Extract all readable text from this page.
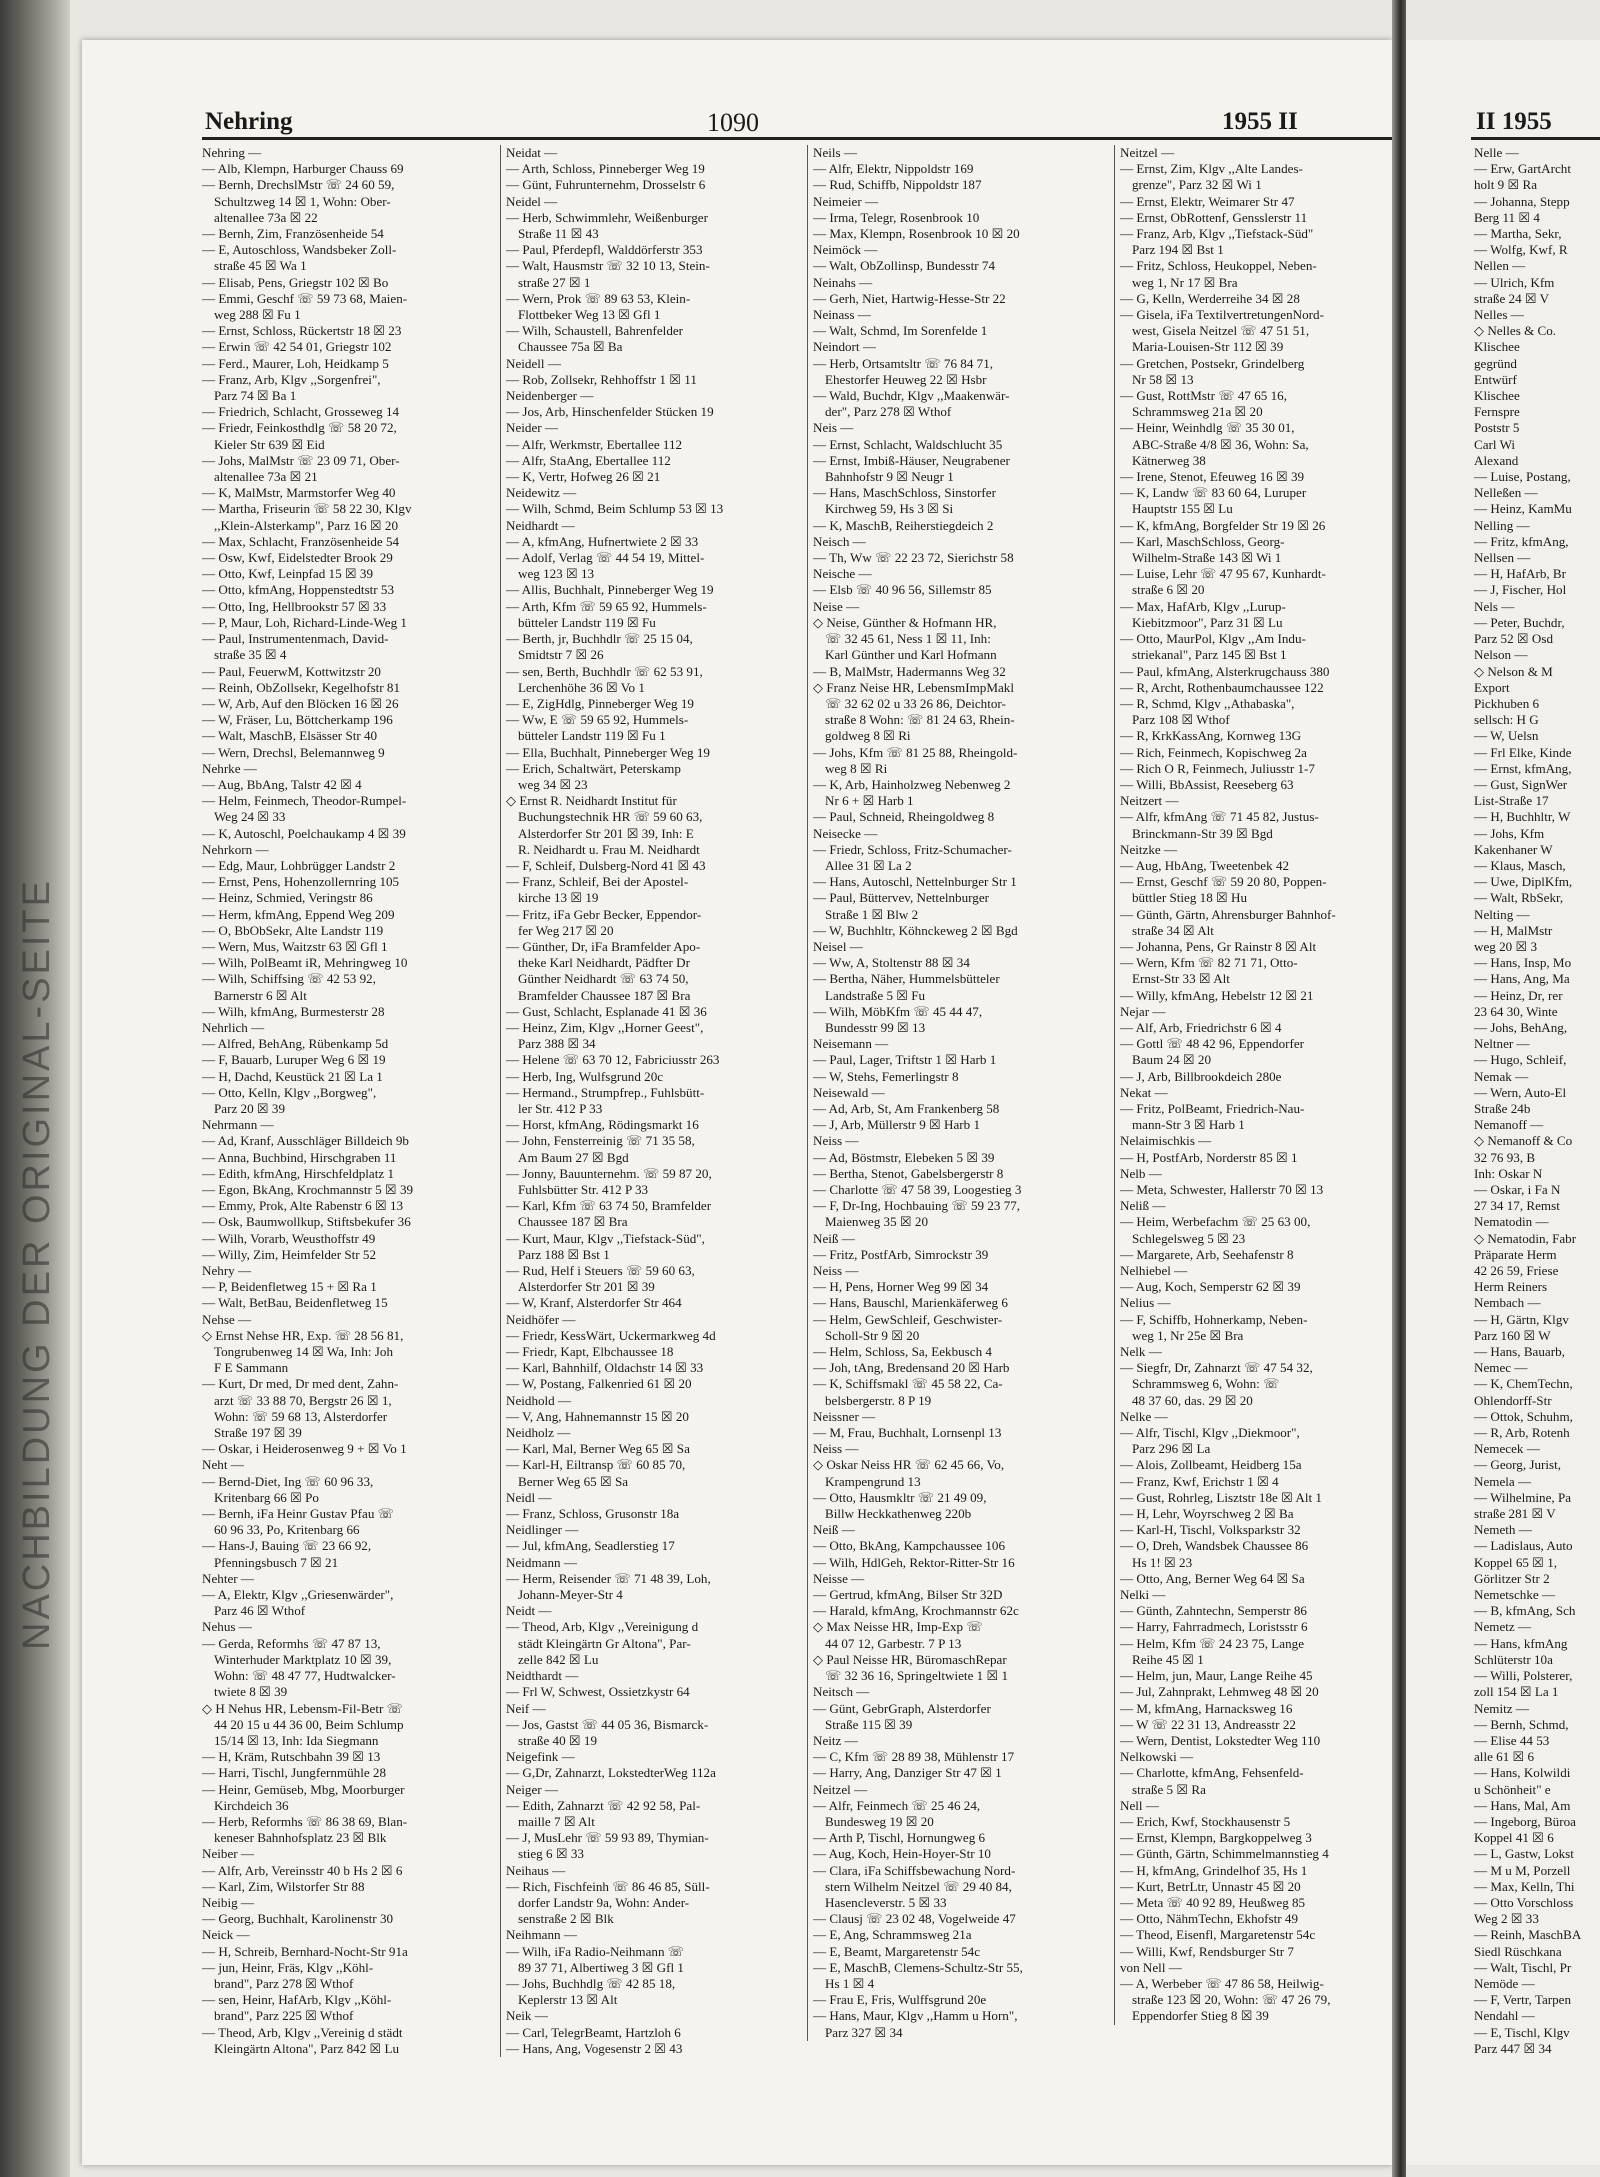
NACHBILDUNG DER ORIGINAL-SEITE
Nehring	1090	1955 II
Nehring —
— Alb, Klempn, Harburger Chauss 69
— Bernh, DrechslMstr ☏ 24 60 59,
Schultzweg 14 ☒ 1, Wohn: Ober-
altenallee 73a ☒ 22
— Bernh, Zim, Französenheide 54
— E, Autoschloss, Wandsbeker Zoll-
straße 45 ☒ Wa 1
— Elisab, Pens, Griegstr 102 ☒ Bo
— Emmi, Geschf ☏ 59 73 68, Maien-
weg 288 ☒ Fu 1
— Ernst, Schloss, Rückertstr 18 ☒ 23
— Erwin ☏ 42 54 01, Griegstr 102
— Ferd., Maurer, Loh, Heidkamp 5
— Franz, Arb, Klgv ,,Sorgenfrei",
Parz 74 ☒ Ba 1
— Friedrich, Schlacht, Grosseweg 14
— Friedr, Feinkosthdlg ☏ 58 20 72,
Kieler Str 639 ☒ Eid
— Johs, MalMstr ☏ 23 09 71, Ober-
altenallee 73a ☒ 21
— K, MalMstr, Marmstorfer Weg 40
— Martha, Friseurin ☏ 58 22 30, Klgv
,,Klein-Alsterkamp", Parz 16 ☒ 20
— Max, Schlacht, Französenheide 54
— Osw, Kwf, Eidelstedter Brook 29
— Otto, Kwf, Leinpfad 15 ☒ 39
— Otto, kfmAng, Hoppenstedtstr 53
— Otto, Ing, Hellbrookstr 57 ☒ 33
— P, Maur, Loh, Richard-Linde-Weg 1
— Paul, Instrumentenmach, David-
straße 35 ☒ 4
— Paul, FeuerwM, Kottwitzstr 20
— Reinh, ObZollsekr, Kegelhofstr 81
— W, Arb, Auf den Blöcken 16 ☒ 26
— W, Fräser, Lu, Böttcherkamp 196
— Walt, MaschB, Elsässer Str 40
— Wern, Drechsl, Belemannweg 9
Nehrke —
— Aug, BbAng, Talstr 42 ☒ 4
— Helm, Feinmech, Theodor-Rumpel-
Weg 24 ☒ 33
— K, Autoschl, Poelchaukamp 4 ☒ 39
Nehrkorn —
— Edg, Maur, Lohbrügger Landstr 2
— Ernst, Pens, Hohenzollernring 105
— Heinz, Schmied, Veringstr 86
— Herm, kfmAng, Eppend Weg 209
— O, BbObSekr, Alte Landstr 119
— Wern, Mus, Waitzstr 63 ☒ Gfl 1
— Wilh, PolBeamt iR, Mehringweg 10
— Wilh, Schiffsing ☏ 42 53 92,
Barnerstr 6 ☒ Alt
— Wilh, kfmAng, Burmesterstr 28
Nehrlich —
— Alfred, BehAng, Rübenkamp 5d
— F, Bauarb, Luruper Weg 6 ☒ 19
— H, Dachd, Keustück 21 ☒ La 1
— Otto, Kelln, Klgv ,,Borgweg",
Parz 20 ☒ 39
Nehrmann —
— Ad, Kranf, Ausschläger Billdeich 9b
— Anna, Buchbind, Hirschgraben 11
— Edith, kfmAng, Hirschfeldplatz 1
— Egon, BkAng, Krochmannstr 5 ☒ 39
— Emmy, Prok, Alte Rabenstr 6 ☒ 13
— Osk, Baumwollkup, Stiftsbekufer 36
— Wilh, Vorarb, Weusthoffstr 49
— Willy, Zim, Heimfelder Str 52
Nehry —
— P, Beidenfletweg 15 + ☒ Ra 1
— Walt, BetBau, Beidenfletweg 15
Nehse —
◇ Ernst Nehse HR, Exp. ☏ 28 56 81,
Tongrubenweg 14 ☒ Wa, Inh: Joh
F E Sammann
— Kurt, Dr med, Dr med dent, Zahn-
arzt ☏ 33 88 70, Bergstr 26 ☒ 1,
Wohn: ☏ 59 68 13, Alsterdorfer
Straße 197 ☒ 39
— Oskar, i Heiderosenweg 9 + ☒ Vo 1
Neht —
— Bernd-Diet, Ing ☏ 60 96 33,
Kritenbarg 66 ☒ Po
— Bernh, iFa Heinr Gustav Pfau ☏
60 96 33, Po, Kritenbarg 66
— Hans-J, Bauing ☏ 23 66 92,
Pfenningsbusch 7 ☒ 21
Nehter —
— A, Elektr, Klgv ,,Griesenwärder",
Parz 46 ☒ Wthof
Nehus —
— Gerda, Reformhs ☏ 47 87 13,
Winterhuder Marktplatz 10 ☒ 39,
Wohn: ☏ 48 47 77, Hudtwalcker-
twiete 8 ☒ 39
◇ H Nehus HR, Lebensm-Fil-Betr ☏
44 20 15 u 44 36 00, Beim Schlump
15/14 ☒ 13, Inh: Ida Siegmann
— H, Kräm, Rutschbahn 39 ☒ 13
— Harri, Tischl, Jungfernmühle 28
— Heinr, Gemüseb, Mbg, Moorburger
Kirchdeich 36
— Herb, Reformhs ☏ 86 38 69, Blan-
keneser Bahnhofsplatz 23 ☒ Blk
Neiber —
— Alfr, Arb, Vereinsstr 40 b Hs 2 ☒ 6
— Karl, Zim, Wilstorfer Str 88
Neibig —
— Georg, Buchhalt, Karolinenstr 30
Neick —
— H, Schreib, Bernhard-Nocht-Str 91a
— jun, Heinr, Fräs, Klgv ,,Köhl-
brand", Parz 278 ☒ Wthof
— sen, Heinr, HafArb, Klgv ,,Köhl-
brand", Parz 225 ☒ Wthof
— Theod, Arb, Klgv ,,Vereinig d städt
Kleingärtn Altona", Parz 842 ☒ Lu
Neidat —
— Arth, Schloss, Pinneberger Weg 19
— Günt, Fuhrunternehm, Drosselstr 6
Neidel —
— Herb, Schwimmlehr, Weißenburger
Straße 11 ☒ 43
— Paul, Pferdepfl, Walddörferstr 353
— Walt, Hausmstr ☏ 32 10 13, Stein-
straße 27 ☒ 1
— Wern, Prok ☏ 89 63 53, Klein-
Flottbeker Weg 13 ☒ Gfl 1
— Wilh, Schaustell, Bahrenfelder
Chaussee 75a ☒ Ba
Neidell —
— Rob, Zollsekr, Rehhoffstr 1 ☒ 11
Neidenberger —
— Jos, Arb, Hinschenfelder Stücken 19
Neider —
— Alfr, Werkmstr, Ebertallee 112
— Alfr, StaAng, Ebertallee 112
— K, Vertr, Hofweg 26 ☒ 21
Neidewitz —
— Wilh, Schmd, Beim Schlump 53 ☒ 13
Neidhardt —
— A, kfmAng, Hufnertwiete 2 ☒ 33
— Adolf, Verlag ☏ 44 54 19, Mittel-
weg 123 ☒ 13
— Allis, Buchhalt, Pinneberger Weg 19
— Arth, Kfm ☏ 59 65 92, Hummels-
bütteler Landstr 119 ☒ Fu
— Berth, jr, Buchhdlr ☏ 25 15 04,
Smidtstr 7 ☒ 26
— sen, Berth, Buchhdlr ☏ 62 53 91,
Lerchenhöhe 36 ☒ Vo 1
— E, ZigHdlg, Pinneberger Weg 19
— Ww, E ☏ 59 65 92, Hummels-
bütteler Landstr 119 ☒ Fu 1
— Ella, Buchhalt, Pinneberger Weg 19
— Erich, Schaltwärt, Peterskamp
weg 34 ☒ 23
◇ Ernst R. Neidhardt Institut für
Buchungstechnik HR ☏ 59 60 63,
Alsterdorfer Str 201 ☒ 39, Inh: E
R. Neidhardt u. Frau M. Neidhardt
— F, Schleif, Dulsberg-Nord 41 ☒ 43
— Franz, Schleif, Bei der Apostel-
kirche 13 ☒ 19
— Fritz, iFa Gebr Becker, Eppendor-
fer Weg 217 ☒ 20
— Günther, Dr, iFa Bramfelder Apo-
theke Karl Neidhardt, Pädfter Dr
Günther Neidhardt ☏ 63 74 50,
Bramfelder Chaussee 187 ☒ Bra
— Gust, Schlacht, Esplanade 41 ☒ 36
— Heinz, Zim, Klgv ,,Horner Geest",
Parz 388 ☒ 34
— Helene ☏ 63 70 12, Fabriciusstr 263
— Herb, Ing, Wulfsgrund 20c
— Hermand., Strumpfrep., Fuhlsbütt-
ler Str. 412 P 33
— Horst, kfmAng, Rödingsmarkt 16
— John, Fensterreinig ☏ 71 35 58,
Am Baum 27 ☒ Bgd
— Jonny, Bauunternehm. ☏ 59 87 20,
Fuhlsbütter Str. 412 P 33
— Karl, Kfm ☏ 63 74 50, Bramfelder
Chaussee 187 ☒ Bra
— Kurt, Maur, Klgv ,,Tiefstack-Süd",
Parz 188 ☒ Bst 1
— Rud, Helf i Steuers ☏ 59 60 63,
Alsterdorfer Str 201 ☒ 39
— W, Kranf, Alsterdorfer Str 464
Neidhöfer —
— Friedr, KessWärt, Uckermarkweg 4d
— Friedr, Kapt, Elbchaussee 18
— Karl, Bahnhilf, Oldachstr 14 ☒ 33
— W, Postang, Falkenried 61 ☒ 20
Neidhold —
— V, Ang, Hahnemannstr 15 ☒ 20
Neidholz —
— Karl, Mal, Berner Weg 65 ☒ Sa
— Karl-H, Eiltransp ☏ 60 85 70,
Berner Weg 65 ☒ Sa
Neidl —
— Franz, Schloss, Grusonstr 18a
Neidlinger —
— Jul, kfmAng, Seadlerstieg 17
Neidmann —
— Herm, Reisender ☏ 71 48 39, Loh,
Johann-Meyer-Str 4
Neidt —
— Theod, Arb, Klgv ,,Vereinigung d
städt Kleingärtn Gr Altona", Par-
zelle 842 ☒ Lu
Neidthardt —
— Frl W, Schwest, Ossietzkystr 64
Neif —
— Jos, Gastst ☏ 44 05 36, Bismarck-
straße 40 ☒ 19
Neigefink —
— G,Dr, Zahnarzt, LokstedterWeg 112a
Neiger —
— Edith, Zahnarzt ☏ 42 92 58, Pal-
maille 7 ☒ Alt
— J, MusLehr ☏ 59 93 89, Thymian-
stieg 6 ☒ 33
Neihaus —
— Rich, Fischfeinh ☏ 86 46 85, Süll-
dorfer Landstr 9a, Wohn: Ander-
senstraße 2 ☒ Blk
Neihmann —
— Wilh, iFa Radio-Neihmann ☏
89 37 71, Albertiweg 3 ☒ Gfl 1
— Johs, Buchhdlg ☏ 42 85 18,
Keplerstr 13 ☒ Alt
Neik —
— Carl, TelegrBeamt, Hartzloh 6
— Hans, Ang, Vogesenstr 2 ☒ 43
Neils —
— Alfr, Elektr, Nippoldstr 169
— Rud, Schiffb, Nippoldstr 187
Neimeier —
— Irma, Telegr, Rosenbrook 10
— Max, Klempn, Rosenbrook 10 ☒ 20
Neimöck —
— Walt, ObZollinsp, Bundesstr 74
Neinahs —
— Gerh, Niet, Hartwig-Hesse-Str 22
Neinass —
— Walt, Schmd, Im Sorenfelde 1
Neindort —
— Herb, Ortsamtsltr ☏ 76 84 71,
Ehestorfer Heuweg 22 ☒ Hsbr
— Wald, Buchdr, Klgv ,,Maakenwär-
der", Parz 278 ☒ Wthof
Neis —
— Ernst, Schlacht, Waldschlucht 35
— Ernst, Imbiß-Häuser, Neugrabener
Bahnhofstr 9 ☒ Neugr 1
— Hans, MaschSchloss, Sinstorfer
Kirchweg 59, Hs 3 ☒ Si
— K, MaschB, Reiherstiegdeich 2
Neisch —
— Th, Ww ☏ 22 23 72, Sierichstr 58
Neische —
— Elsb ☏ 40 96 56, Sillemstr 85
Neise —
◇ Neise, Günther & Hofmann HR,
☏ 32 45 61, Ness 1 ☒ 11, Inh:
Karl Günther und Karl Hofmann
— B, MalMstr, Hadermanns Weg 32
◇ Franz Neise HR, LebensmImpMakl
☏ 32 62 02 u 33 26 86, Deichtor-
straße 8 Wohn: ☏ 81 24 63, Rhein-
goldweg 8 ☒ Ri
— Johs, Kfm ☏ 81 25 88, Rheingold-
weg 8 ☒ Ri
— K, Arb, Hainholzweg Nebenweg 2
Nr 6 + ☒ Harb 1
— Paul, Schneid, Rheingoldweg 8
Neisecke —
— Friedr, Schloss, Fritz-Schumacher-
Allee 31 ☒ La 2
— Hans, Autoschl, Nettelnburger Str 1
— Paul, Büttervev, Nettelnburger
Straße 1 ☒ Blw 2
— W, Buchhltr, Köhnckeweg 2 ☒ Bgd
Neisel —
— Ww, A, Stoltenstr 88 ☒ 34
— Bertha, Näher, Hummelsbütteler
Landstraße 5 ☒ Fu
— Wilh, MöbKfm ☏ 45 44 47,
Bundesstr 99 ☒ 13
Neisemann —
— Paul, Lager, Triftstr 1 ☒ Harb 1
— W, Stehs, Femerlingstr 8
Neisewald —
— Ad, Arb, St, Am Frankenberg 58
— J, Arb, Müllerstr 9 ☒ Harb 1
Neiss —
— Ad, Böstmstr, Elebeken 5 ☒ 39
— Bertha, Stenot, Gabelsbergerstr 8
— Charlotte ☏ 47 58 39, Loogestieg 3
— F, Dr-Ing, Hochbauing ☏ 59 23 77,
Maienweg 35 ☒ 20
Neiß —
— Fritz, PostfArb, Simrockstr 39
Neiss —
— H, Pens, Horner Weg 99 ☒ 34
— Hans, Bauschl, Marienkäferweg 6
— Helm, GewSchleif, Geschwister-
Scholl-Str 9 ☒ 20
— Helm, Schloss, Sa, Eekbusch 4
— Joh, tAng, Bredensand 20 ☒ Harb
— K, Schiffsmakl ☏ 45 58 22, Ca-
belsbergerstr. 8 P 19
Neissner —
— M, Frau, Buchhalt, Lornsenpl 13
Neiss —
◇ Oskar Neiss HR ☏ 62 45 66, Vo,
Krampengrund 13
— Otto, Hausmkltr ☏ 21 49 09,
Billw Heckkathenweg 220b
Neiß —
— Otto, BkAng, Kampchaussee 106
— Wilh, HdlGeh, Rektor-Ritter-Str 16
Neisse —
— Gertrud, kfmAng, Bilser Str 32D
— Harald, kfmAng, Krochmannstr 62c
◇ Max Neisse HR, Imp-Exp ☏
44 07 12, Garbestr. 7 P 13
◇ Paul Neisse HR, BüromaschRepar
☏ 32 36 16, Springeltwiete 1 ☒ 1
Neitsch —
— Günt, GebrGraph, Alsterdorfer
Straße 115 ☒ 39
Neitz —
— C, Kfm ☏ 28 89 38, Mühlenstr 17
— Harry, Ang, Danziger Str 47 ☒ 1
Neitzel —
— Alfr, Feinmech ☏ 25 46 24,
Bundesweg 19 ☒ 20
— Arth P, Tischl, Hornungweg 6
— Aug, Koch, Hein-Hoyer-Str 10
— Clara, iFa Schiffsbewachung Nord-
stern Wilhelm Neitzel ☏ 29 40 84,
Hasencleverstr. 5 ☒ 33
— Clausj ☏ 23 02 48, Vogelweide 47
— E, Ang, Schrammsweg 21a
— E, Beamt, Margaretenstr 54c
— E, MaschB, Clemens-Schultz-Str 55,
Hs 1 ☒ 4
— Frau E, Fris, Wulffsgrund 20e
— Hans, Maur, Klgv ,,Hamm u Horn",
Parz 327 ☒ 34
Neitzel —
— Ernst, Zim, Klgv ,,Alte Landes-
grenze", Parz 32 ☒ Wi 1
— Ernst, Elektr, Weimarer Str 47
— Ernst, ObRottenf, Gensslerstr 11
— Franz, Arb, Klgv ,,Tiefstack-Süd"
Parz 194 ☒ Bst 1
— Fritz, Schloss, Heukoppel, Neben-
weg 1, Nr 17 ☒ Bra
— G, Kelln, Werderreihe 34 ☒ 28
— Gisela, iFa TextilvertretungenNord-
west, Gisela Neitzel ☏ 47 51 51,
Maria-Louisen-Str 112 ☒ 39
— Gretchen, Postsekr, Grindelberg
Nr 58 ☒ 13
— Gust, RottMstr ☏ 47 65 16,
Schrammsweg 21a ☒ 20
— Heinr, Weinhdlg ☏ 35 30 01,
ABC-Straße 4/8 ☒ 36, Wohn: Sa,
Kätnerweg 38
— Irene, Stenot, Efeuweg 16 ☒ 39
— K, Landw ☏ 83 60 64, Luruper
Hauptstr 155 ☒ Lu
— K, kfmAng, Borgfelder Str 19 ☒ 26
— Karl, MaschSchloss, Georg-
Wilhelm-Straße 143 ☒ Wi 1
— Luise, Lehr ☏ 47 95 67, Kunhardt-
straße 6 ☒ 20
— Max, HafArb, Klgv ,,Lurup-
Kiebitzmoor", Parz 31 ☒ Lu
— Otto, MaurPol, Klgv ,,Am Indu-
striekanal", Parz 145 ☒ Bst 1
— Paul, kfmAng, Alsterkrugchauss 380
— R, Archt, Rothenbaumchaussee 122
— R, Schmd, Klgv ,,Athabaska",
Parz 108 ☒ Wthof
— R, KrkKassAng, Kornweg 13G
— Rich, Feinmech, Kopischweg 2a
— Rich O R, Feinmech, Juliusstr 1-7
— Willi, BbAssist, Reeseberg 63
Neitzert —
— Alfr, kfmAng ☏ 71 45 82, Justus-
Brinckmann-Str 39 ☒ Bgd
Neitzke —
— Aug, HbAng, Tweetenbek 42
— Ernst, Geschf ☏ 59 20 80, Poppen-
büttler Stieg 18 ☒ Hu
— Günth, Gärtn, Ahrensburger Bahnhof-
straße 34 ☒ Alt
— Johanna, Pens, Gr Rainstr 8 ☒ Alt
— Wern, Kfm ☏ 82 71 71, Otto-
Ernst-Str 33 ☒ Alt
— Willy, kfmAng, Hebelstr 12 ☒ 21
Nejar —
— Alf, Arb, Friedrichstr 6 ☒ 4
— Gottl ☏ 48 42 96, Eppendorfer
Baum 24 ☒ 20
— J, Arb, Billbrookdeich 280e
Nekat —
— Fritz, PolBeamt, Friedrich-Nau-
mann-Str 3 ☒ Harb 1
Nelaimischkis —
— H, PostfArb, Norderstr 85 ☒ 1
Nelb —
— Meta, Schwester, Hallerstr 70 ☒ 13
Neliß —
— Heim, Werbefachm ☏ 25 63 00,
Schlegelsweg 5 ☒ 23
— Margarete, Arb, Seehafenstr 8
Nelhiebel —
— Aug, Koch, Semperstr 62 ☒ 39
Nelius —
— F, Schiffb, Hohnerkamp, Neben-
weg 1, Nr 25e ☒ Bra
Nelk —
— Siegfr, Dr, Zahnarzt ☏ 47 54 32,
Schrammsweg 6, Wohn: ☏
48 37 60, das. 29 ☒ 20
Nelke —
— Alfr, Tischl, Klgv ,,Diekmoor",
Parz 296 ☒ La
— Alois, Zollbeamt, Heidberg 15a
— Franz, Kwf, Erichstr 1 ☒ 4
— Gust, Rohrleg, Lisztstr 18e ☒ Alt 1
— H, Lehr, Woyrschweg 2 ☒ Ba
— Karl-H, Tischl, Volksparkstr 32
— O, Dreh, Wandsbek Chaussee 86
Hs 1! ☒ 23
— Otto, Ang, Berner Weg 64 ☒ Sa
Nelki —
— Günth, Zahntechn, Semperstr 86
— Harry, Fahrradmech, Loristsstr 6
— Helm, Kfm ☏ 24 23 75, Lange
Reihe 45 ☒ 1
— Helm, jun, Maur, Lange Reihe 45
— Jul, Zahnprakt, Lehmweg 48 ☒ 20
— M, kfmAng, Harnacksweg 16
— W ☏ 22 31 13, Andreasstr 22
— Wern, Dentist, Lokstedter Weg 110
Nelkowski —
— Charlotte, kfmAng, Fehsenfeld-
straße 5 ☒ Ra
Nell —
— Erich, Kwf, Stockhausenstr 5
— Ernst, Klempn, Bargkoppelweg 3
— Günth, Gärtn, Schimmelmannstieg 4
— H, kfmAng, Grindelhof 35, Hs 1
— Kurt, BetrLtr, Unnastr 45 ☒ 20
— Meta ☏ 40 92 89, Heußweg 85
— Otto, NähmTechn, Ekhofstr 49
— Theod, Eisenfl, Margaretenstr 54c
— Willi, Kwf, Rendsburger Str 7
von Nell —
— A, Werbeber ☏ 47 86 58, Heilwig-
straße 123 ☒ 20, Wohn: ☏ 47 26 79,
Eppendorfer Stieg 8 ☒ 39
II 1955
Nelle —
— Erw, GartArcht
holt 9 ☒ Ra
— Johanna, Stepp
Berg 11 ☒ 4
— Martha, Sekr,
— Wolfg, Kwf, R
Nellen —
— Ulrich, Kfm
straße 24 ☒ V
Nelles —
◇ Nelles & Co.
Klischee
gegründ
Entwürf
Klischee
Fernspre
Poststr 5
Carl Wi
Alexand
— Luise, Postang,
Nelleßen —
— Heinz, KamMu
Nelling —
— Fritz, kfmAng,
Nellsen —
— H, HafArb, Br
— J, Fischer, Hol
Nels —
— Peter, Buchdr,
Parz 52 ☒ Osd
Nelson —
◇ Nelson & M
Export
Pickhuben 6
sellsch: H G
— W, Uelsn
— Frl Elke, Kinde
— Ernst, kfmAng,
— Gust, SignWer
List-Straße 17
— H, Buchhltr, W
— Johs, Kfm
Kakenhaner W
— Klaus, Masch,
— Uwe, DiplKfm,
— Walt, RbSekr,
Nelting —
— H, MalMstr
weg 20 ☒ 3
— Hans, Insp, Mo
— Hans, Ang, Ma
— Heinz, Dr, rer
23 64 30, Winte
— Johs, BehAng,
Neltner —
— Hugo, Schleif,
Nemak —
— Wern, Auto-El
Straße 24b
Nemanoff —
◇ Nemanoff & Co
32 76 93, B
Inh: Oskar N
— Oskar, i Fa N
27 34 17, Remst
Nematodin —
◇ Nematodin, Fabr
Präparate Herm
42 26 59, Friese
Herm Reiners
Nembach —
— H, Gärtn, Klgv
Parz 160 ☒ W
— Hans, Bauarb,
Nemec —
— K, ChemTechn,
Ohlendorff-Str
— Ottok, Schuhm,
— R, Arb, Rotenh
Nemecek —
— Georg, Jurist,
Nemela —
— Wilhelmine, Pa
straße 281 ☒ V
Nemeth —
— Ladislaus, Auto
Koppel 65 ☒ 1,
Görlitzer Str 2
Nemetschke —
— B, kfmAng, Sch
Nemetz —
— Hans, kfmAng
Schlüterstr 10a
— Willi, Polsterer,
zoll 154 ☒ La 1
Nemitz —
— Bernh, Schmd,
— Elise 44 53
alle 61 ☒ 6
— Hans, Kolwildi
u Schönheit" e
— Hans, Mal, Am
— Ingeborg, Büroa
Koppel 41 ☒ 6
— L, Gastw, Lokst
— M u M, Porzell
— Max, Kelln, Thi
— Otto Vorschloss
Weg 2 ☒ 33
— Reinh, MaschBA
Siedl Rüschkana
— Walt, Tischl, Pr
Nemöde —
— F, Vertr, Tarpen
Nendahl —
— E, Tischl, Klgv
Parz 447 ☒ 34
